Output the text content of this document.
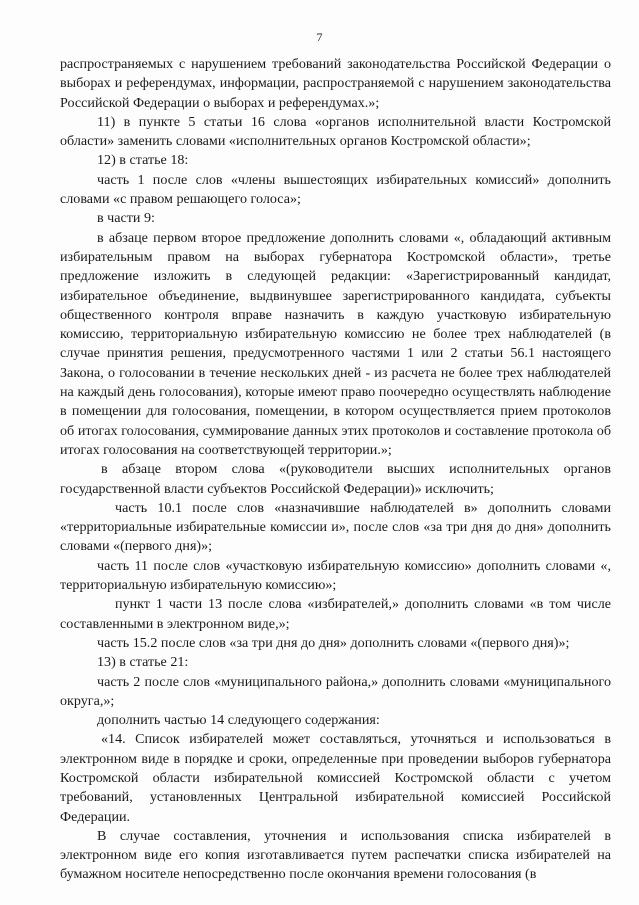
7

распространяемых с нарушением требований законодательства Российской Федерации о выборах и референдумах, информации, распространяемой с нарушением законодательства Российской Федерации о выборах и референдумах.»;

11) в пункте 5 статьи 16 слова «органов исполнительной власти Костромской области» заменить словами «исполнительных органов Костромской области»;

12) в статье 18:

часть 1 после слов «члены вышестоящих избирательных комиссий» дополнить словами «с правом решающего голоса»;

в части 9:

в абзаце первом второе предложение дополнить словами «, обладающий активным избирательным правом на выборах губернатора Костромской области», третье предложение изложить в следующей редакции: «Зарегистрированный кандидат, избирательное объединение, выдвинувшее зарегистрированного кандидата, субъекты общественного контроля вправе назначить в каждую участковую избирательную комиссию, территориальную избирательную комиссию не более трех наблюдателей (в случае принятия решения, предусмотренного частями 1 или 2 статьи 56.1 настоящего Закона, о голосовании в течение нескольких дней - из расчета не более трех наблюдателей на каждый день голосования), которые имеют право поочередно осуществлять наблюдение в помещении для голосования, помещении, в котором осуществляется прием протоколов об итогах голосования, суммирование данных этих протоколов и составление протокола об итогах голосования на соответствующей территории.»;

в абзаце втором слова «(руководители высших исполнительных органов государственной власти субъектов Российской Федерации)» исключить;

часть 10.1 после слов «назначившие наблюдателей в» дополнить словами «территориальные избирательные комиссии и», после слов «за три дня до дня» дополнить словами «(первого дня)»;

часть 11 после слов «участковую избирательную комиссию» дополнить словами «, территориальную избирательную комиссию»;

пункт 1 части 13 после слова «избирателей,» дополнить словами «в том числе составленными в электронном виде,»;

часть 15.2 после слов «за три дня до дня» дополнить словами «(первого дня)»;

13) в статье 21:

часть 2 после слов «муниципального района,» дополнить словами «муниципального округа,»;

дополнить частью 14 следующего содержания:

«14. Список избирателей может составляться, уточняться и использоваться в электронном виде в порядке и сроки, определенные при проведении выборов губернатора Костромской области избирательной комиссией Костромской области с учетом требований, установленных Центральной избирательной комиссией Российской Федерации.

В случае составления, уточнения и использования списка избирателей в электронном виде его копия изготавливается путем распечатки списка избирателей на бумажном носителе непосредственно после окончания времени голосования (в
